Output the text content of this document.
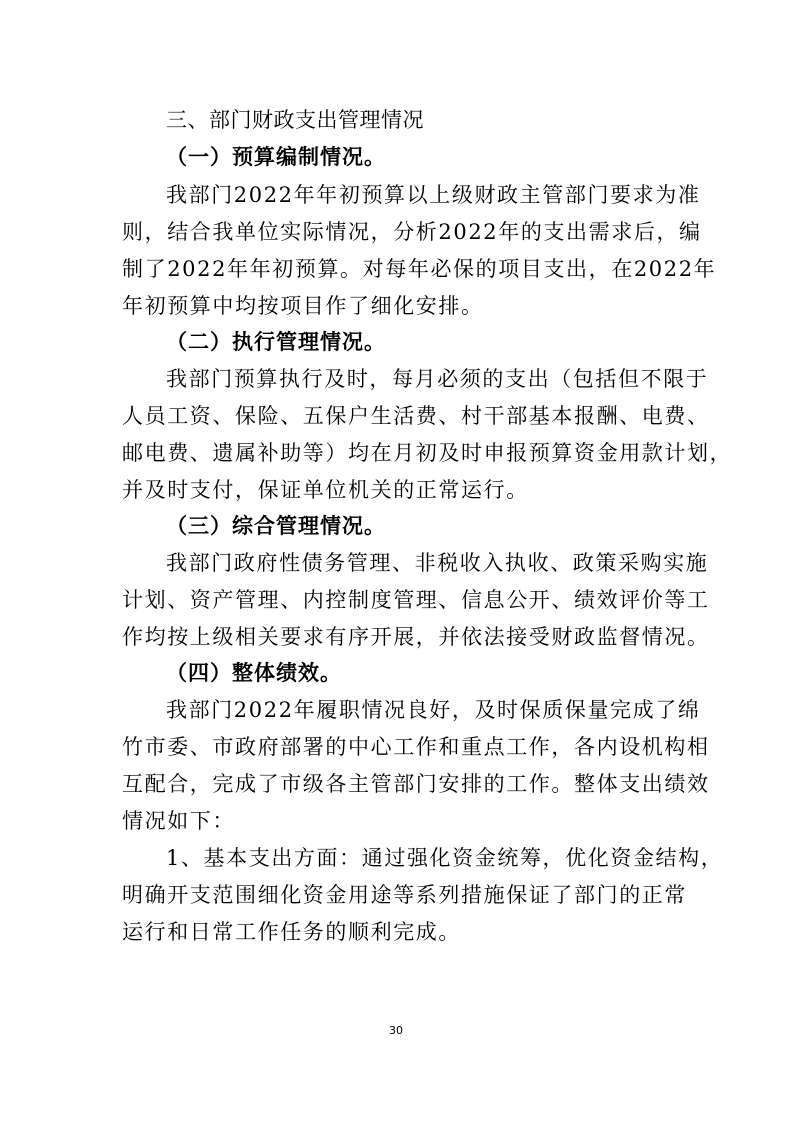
三、部门财政支出管理情况
（一）预算编制情况。
我部门2022年年初预算以上级财政主管部门要求为准
则，结合我单位实际情况，分析2022年的支出需求后，编
制了2022年年初预算。对每年必保的项目支出，在2022年
年初预算中均按项目作了细化安排。
（二）执行管理情况。
我部门预算执行及时，每月必须的支出（包括但不限于
人员工资、保险、五保户生活费、村干部基本报酬、电费、
邮电费、遗属补助等）均在月初及时申报预算资金用款计划，
并及时支付，保证单位机关的正常运行。
（三）综合管理情况。
我部门政府性债务管理、非税收入执收、政策采购实施
计划、资产管理、内控制度管理、信息公开、绩效评价等工
作均按上级相关要求有序开展，并依法接受财政监督情况。
（四）整体绩效。
我部门2022年履职情况良好，及时保质保量完成了绵
竹市委、市政府部署的中心工作和重点工作，各内设机构相
互配合，完成了市级各主管部门安排的工作。整体支出绩效
情况如下：
1、基本支出方面：通过强化资金统筹，优化资金结构，
明确开支范围细化资金用途等系列措施保证了部门的正常
运行和日常工作任务的顺利完成。
30
